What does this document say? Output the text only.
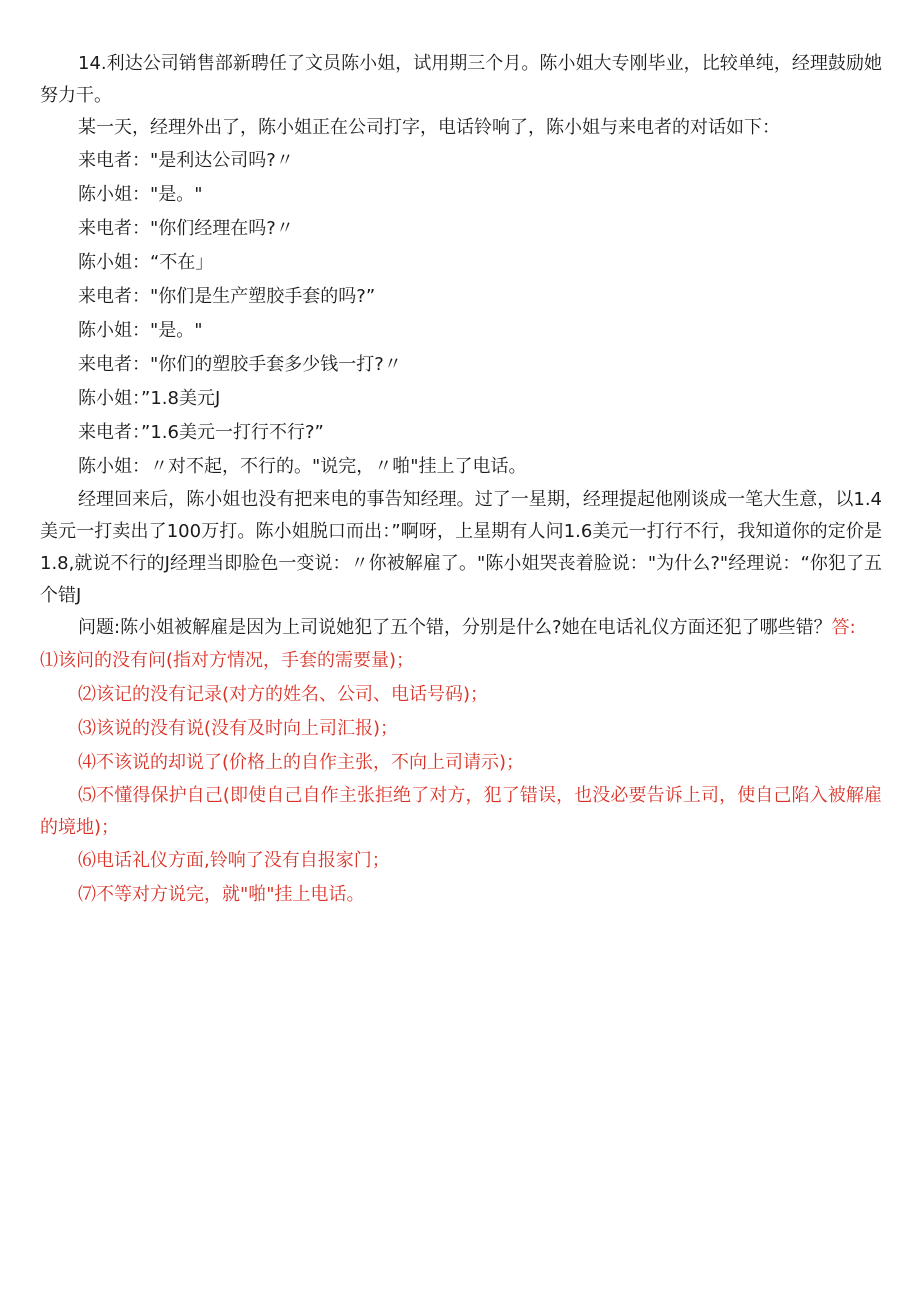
14.利达公司销售部新聘任了文员陈小姐，试用期三个月。陈小姐大专刚毕业，比较单纯，经理鼓励她努力干。

某一天，经理外出了，陈小姐正在公司打字，电话铃响了，陈小姐与来电者的对话如下：

来电者："是利达公司吗?〃

陈小姐："是。"

来电者："你们经理在吗?〃

陈小姐：“不在」

来电者："你们是生产塑胶手套的吗?”

陈小姐："是。"

来电者："你们的塑胶手套多少钱一打?〃

陈小姐：”1.8美元J

来电者：”1.6美元一打行不行?”

陈小姐：〃对不起，不行的。"说完，〃啪"挂上了电话。

经理回来后，陈小姐也没有把来电的事告知经理。过了一星期，经理提起他刚谈成一笔大生意，以1.4美元一打卖出了100万打。陈小姐脱口而出：”啊呀，上星期有人问1.6美元一打行不行，我知道你的定价是1.8,就说不行的J经理当即脸色一变说：〃你被解雇了。"陈小姐哭丧着脸说："为什么?"经理说：“你犯了五个错J

问题:陈小姐被解雇是因为上司说她犯了五个错，分别是什么?她在电话礼仪方面还犯了哪些错？答:

⑴该问的没有问(指对方情况，手套的需要量)；

⑵该记的没有记录(对方的姓名、公司、电话号码)；

⑶该说的没有说(没有及时向上司汇报)；

⑷不该说的却说了(价格上的自作主张，不向上司请示)；

⑸不懂得保护自己(即使自己自作主张拒绝了对方，犯了错误，也没必要告诉上司，使自己陷入被解雇的境地)；

⑹电话礼仪方面,铃响了没有自报家门；

⑺不等对方说完，就"啪"挂上电话。
